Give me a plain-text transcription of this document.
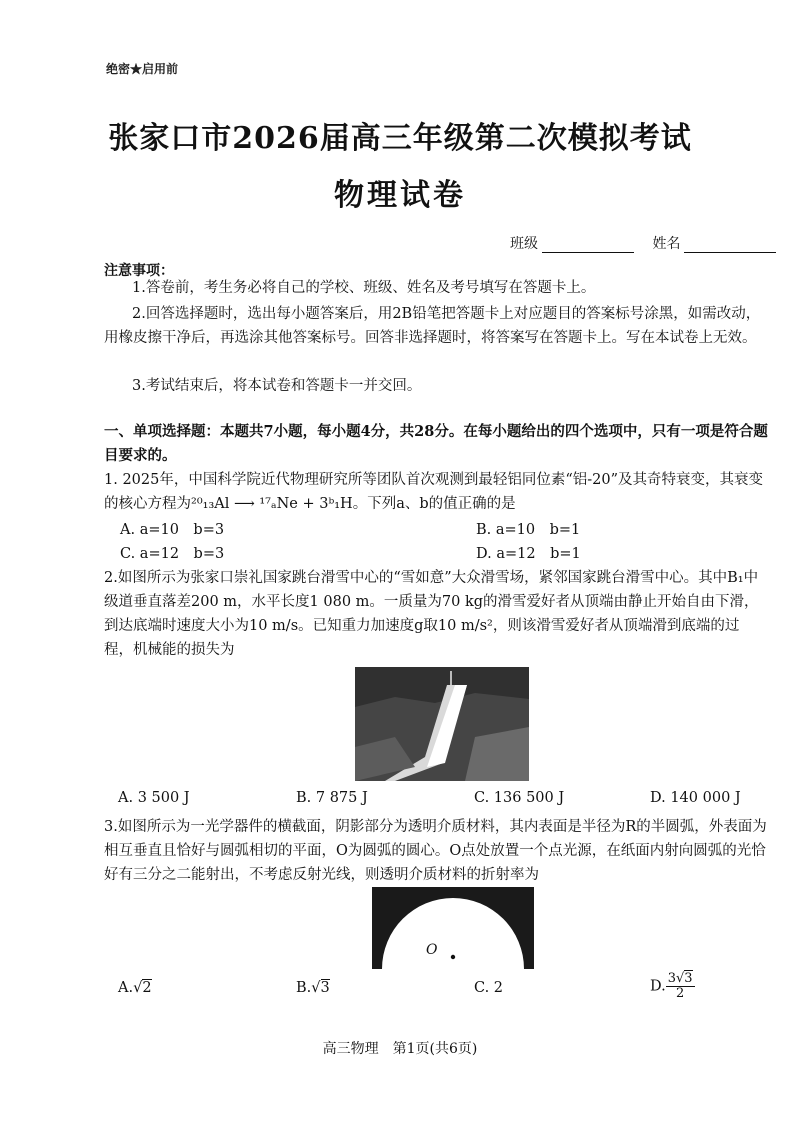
绝密★启用前
张家口市2026届高三年级第二次模拟考试
物理试卷
班级	姓名
注意事项：
1.答卷前，考生务必将自己的学校、班级、姓名及考号填写在答题卡上。
2.回答选择题时，选出每小题答案后，用2B铅笔把答题卡上对应题目的答案标号涂黑，如需改动，用橡皮擦干净后，再选涂其他答案标号。回答非选择题时，将答案写在答题卡上。写在本试卷上无效。
3.考试结束后，将本试卷和答题卡一并交回。
一、单项选择题：本题共7小题，每小题4分，共28分。在每小题给出的四个选项中，只有一项是符合题目要求的。
1. 2025年，中国科学院近代物理研究所等团队首次观测到最轻铝同位素“铝-20”及其奇特衰变，其衰变的核心方程为²⁰₁₃Al ⟶ ¹⁷ₐNe + 3ᵇ₁H。下列a、b的值正确的是
A. a=10　b=3	B. a=10　b=1
C. a=12　b=3	D. a=12　b=1
2.如图所示为张家口崇礼国家跳台滑雪中心的“雪如意”大众滑雪场，紧邻国家跳台滑雪中心。其中B₁中级道垂直落差200 m，水平长度1 080 m。一质量为70 kg的滑雪爱好者从顶端由静止开始自由下滑，到达底端时速度大小为10 m/s。已知重力加速度g取10 m/s²，则该滑雪爱好者从顶端滑到底端的过程，机械能的损失为
A. 3 500 J	B. 7 875 J	C. 136 500 J	D. 140 000 J
3.如图所示为一光学器件的横截面，阴影部分为透明介质材料，其内表面是半径为R的半圆弧，外表面为相互垂直且恰好与圆弧相切的平面，O为圆弧的圆心。O点处放置一个点光源，在纸面内射向圆弧的光恰好有三分之二能射出，不考虑反射光线，则透明介质材料的折射率为
O
A.√2	B.√3	C. 2	D. $\frac{3√3}{2}$
高三物理　第1页(共6页)
